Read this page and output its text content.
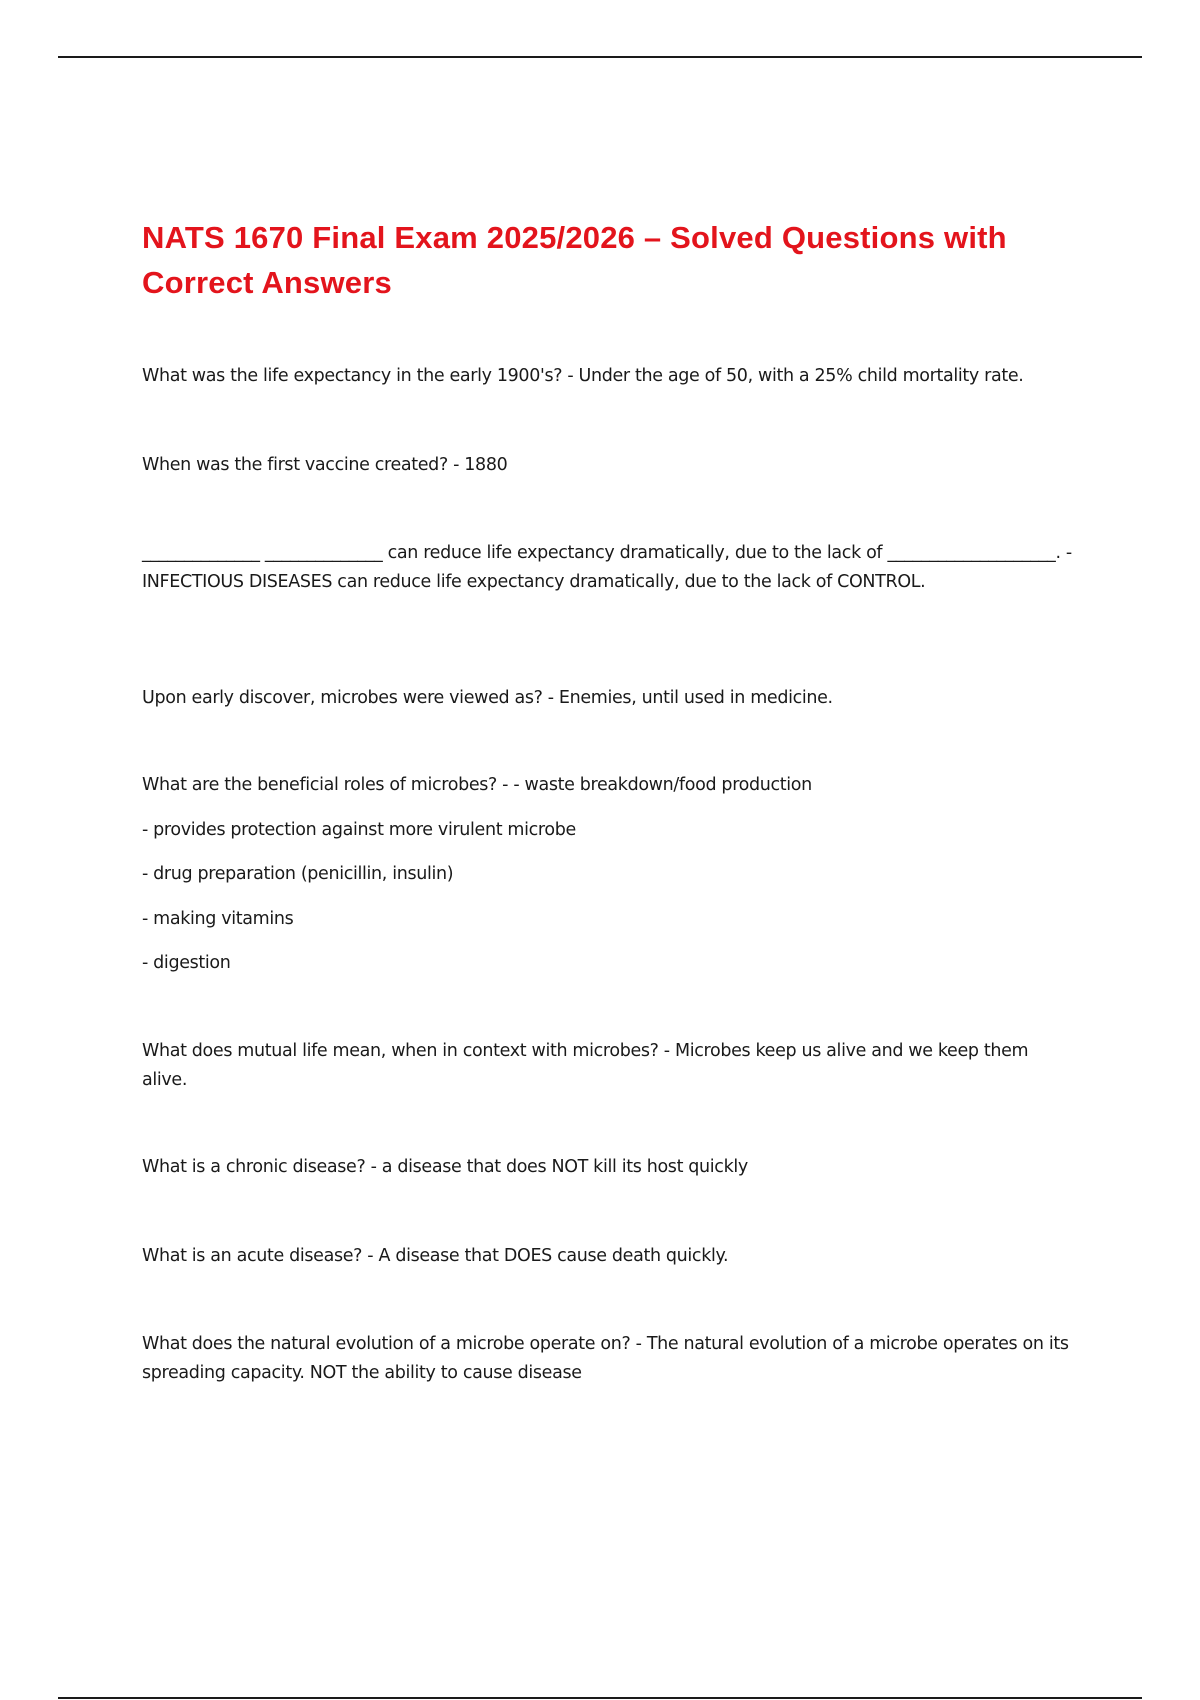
NATS 1670 Final Exam 2025/2026 – Solved Questions with Correct Answers

What was the life expectancy in the early 1900's? - Under the age of 50, with a 25% child mortality rate.

When was the first vaccine created? - 1880

______________ ______________ can reduce life expectancy dramatically, due to the lack of ____________________. - INFECTIOUS DISEASES can reduce life expectancy dramatically, due to the lack of CONTROL.

Upon early discover, microbes were viewed as? - Enemies, until used in medicine.

What are the beneficial roles of microbes? - - waste breakdown/food production

- provides protection against more virulent microbe

- drug preparation (penicillin, insulin)

- making vitamins

- digestion

What does mutual life mean, when in context with microbes? - Microbes keep us alive and we keep them alive.

What is a chronic disease? - a disease that does NOT kill its host quickly

What is an acute disease? - A disease that DOES cause death quickly.

What does the natural evolution of a microbe operate on? - The natural evolution of a microbe operates on its spreading capacity. NOT the ability to cause disease
